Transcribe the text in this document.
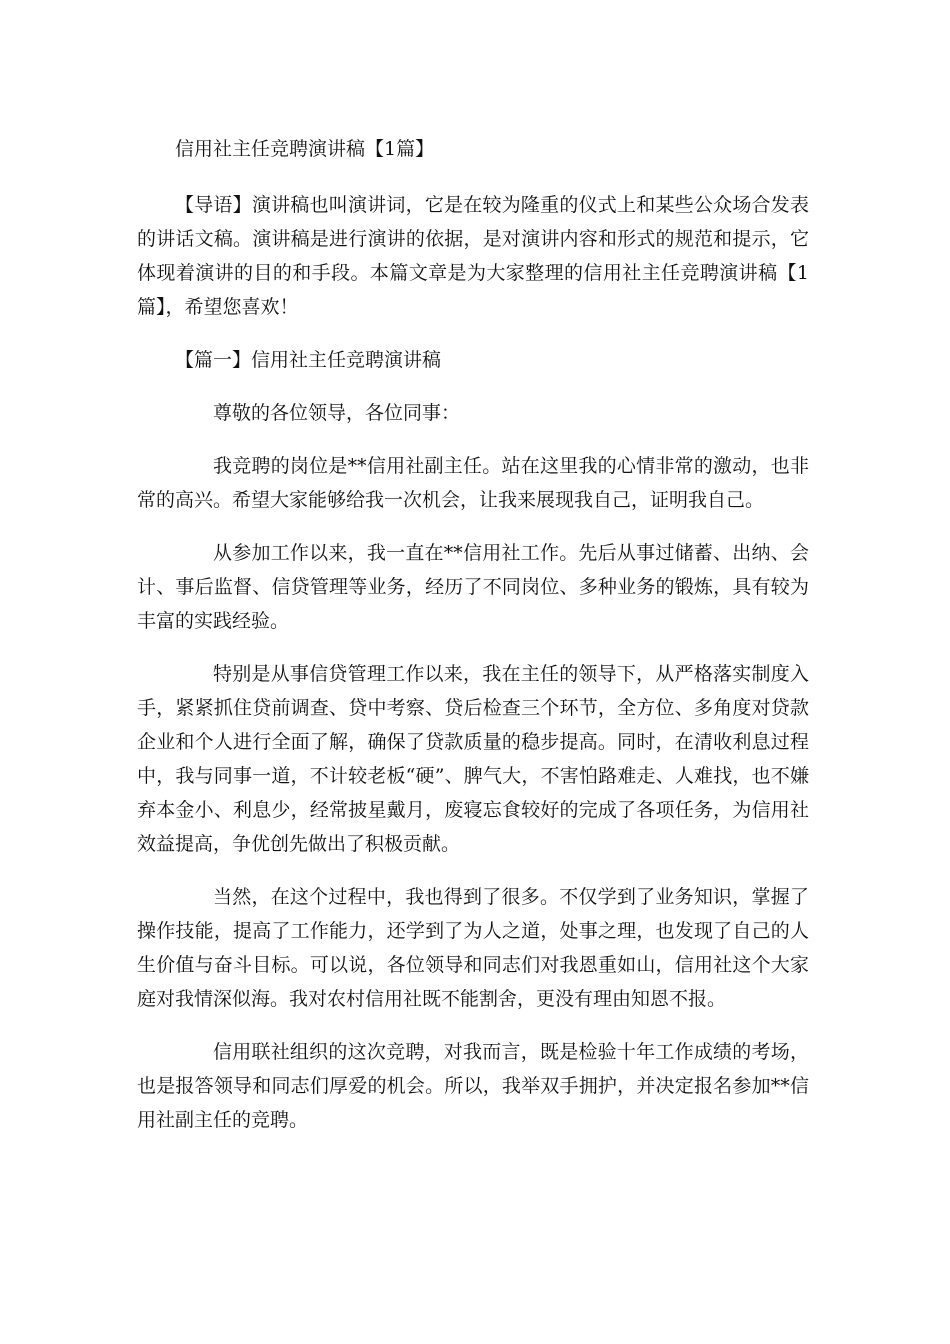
信用社主任竞聘演讲稿【1篇】

【导语】演讲稿也叫演讲词，它是在较为隆重的仪式上和某些公众场合发表的讲话文稿。演讲稿是进行演讲的依据，是对演讲内容和形式的规范和提示，它体现着演讲的目的和手段。本篇文章是为大家整理的信用社主任竞聘演讲稿【1篇】，希望您喜欢！

【篇一】信用社主任竞聘演讲稿

尊敬的各位领导，各位同事：

我竞聘的岗位是**信用社副主任。站在这里我的心情非常的激动，也非常的高兴。希望大家能够给我一次机会，让我来展现我自己，证明我自己。

从参加工作以来，我一直在**信用社工作。先后从事过储蓄、出纳、会计、事后监督、信贷管理等业务，经历了不同岗位、多种业务的锻炼，具有较为丰富的实践经验。

特别是从事信贷管理工作以来，我在主任的领导下，从严格落实制度入手，紧紧抓住贷前调查、贷中考察、贷后检查三个环节，全方位、多角度对贷款企业和个人进行全面了解，确保了贷款质量的稳步提高。同时，在清收利息过程中，我与同事一道，不计较老板“硬”、脾气大，不害怕路难走、人难找，也不嫌弃本金小、利息少，经常披星戴月，废寝忘食较好的完成了各项任务，为信用社效益提高，争优创先做出了积极贡献。

当然，在这个过程中，我也得到了很多。不仅学到了业务知识，掌握了操作技能，提高了工作能力，还学到了为人之道，处事之理，也发现了自己的人生价值与奋斗目标。可以说，各位领导和同志们对我恩重如山，信用社这个大家庭对我情深似海。我对农村信用社既不能割舍，更没有理由知恩不报。

信用联社组织的这次竞聘，对我而言，既是检验十年工作成绩的考场，也是报答领导和同志们厚爱的机会。所以，我举双手拥护，并决定报名参加**信用社副主任的竞聘。
